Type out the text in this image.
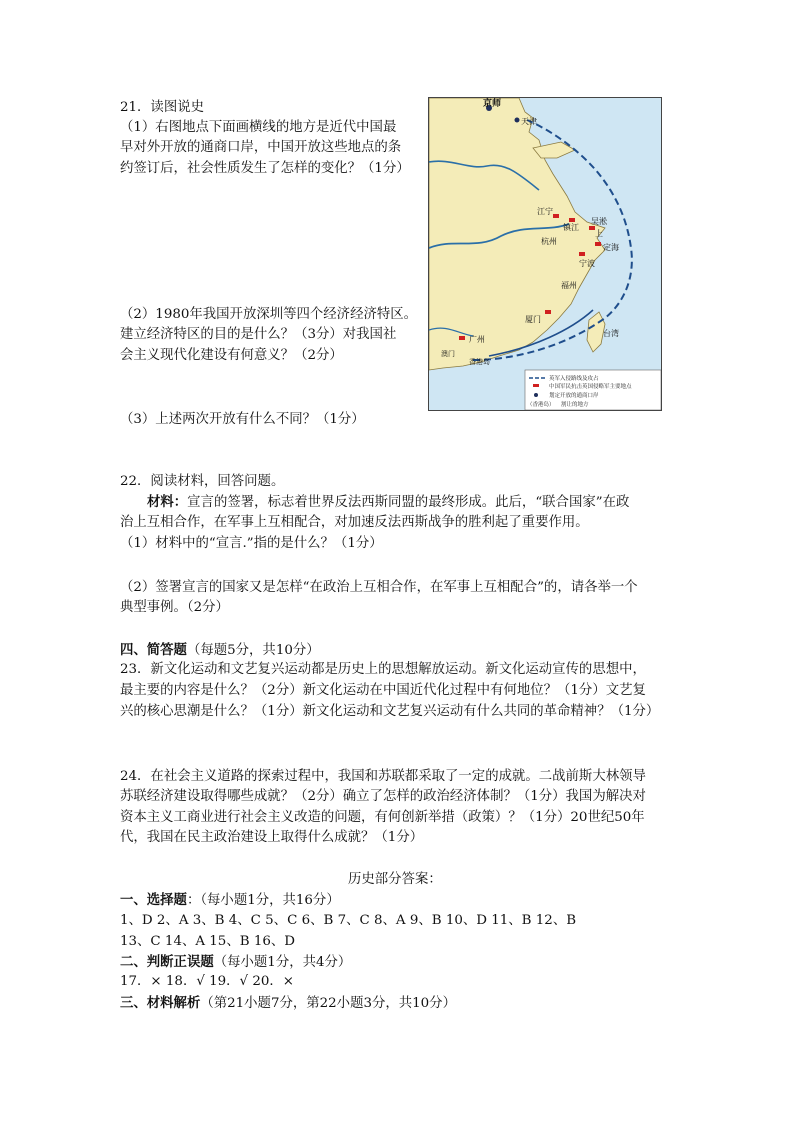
21．读图说史
（1）右图地点下面画横线的地方是近代中国最
早对外开放的通商口岸，中国开放这些地点的条
约签订后，社会性质发生了怎样的变化？（1分）
（2）1980年我国开放深圳等四个经济经济特区。
建立经济特区的目的是什么？（3分）对我国社
会主义现代化建设有何意义？（2分）
（3）上述两次开放有什么不同？（1分）
京师
天津
江宁
镇江
吴淞
上
杭州
定海
宁波
福州
厦门
广州
澳门
香港岛
台湾
英军入侵路线及攻占
中国军民抗击英国侵略军主要地点
划定开放的通商口岸
（香港岛） 割让的地方
22．阅读材料，回答问题。
材料：宣言的签署，标志着世界反法西斯同盟的最终形成。此后，“联合国家”在政
治上互相合作，在军事上互相配合，对加速反法西斯战争的胜利起了重要作用。
（1）材料中的“宣言.”指的是什么？（1分）
（2）签署宣言的国家又是怎样“在政治上互相合作，在军事上互相配合”的，请各举一个
典型事例。（2分）
四、简答题（每题5分，共10分）
23．新文化运动和文艺复兴运动都是历史上的思想解放运动。新文化运动宣传的思想中，
最主要的内容是什么？（2分）新文化运动在中国近代化过程中有何地位？（1分）文艺复
兴的核心思潮是什么？（1分）新文化运动和文艺复兴运动有什么共同的革命精神？（1分）
24．在社会主义道路的探索过程中，我国和苏联都采取了一定的成就。二战前斯大林领导
苏联经济建设取得哪些成就？（2分）确立了怎样的政治经济体制？（1分）我国为解决对
资本主义工商业进行社会主义改造的问题，有何创新举措（政策）？（1分）20世纪50年
代，我国在民主政治建设上取得什么成就？（1分）
历史部分答案：
一、选择题：（每小题1分，共16分）
1、D 2、A 3、B 4、C 5、C 6、B 7、C 8、A 9、B 10、D 11、B 12、B
13、C 14、A 15、B 16、D
二、判断正误题（每小题1分，共4分）
17．× 18．√ 19．√ 20．×
三、材料解析（第21小题7分，第22小题3分，共10分）
